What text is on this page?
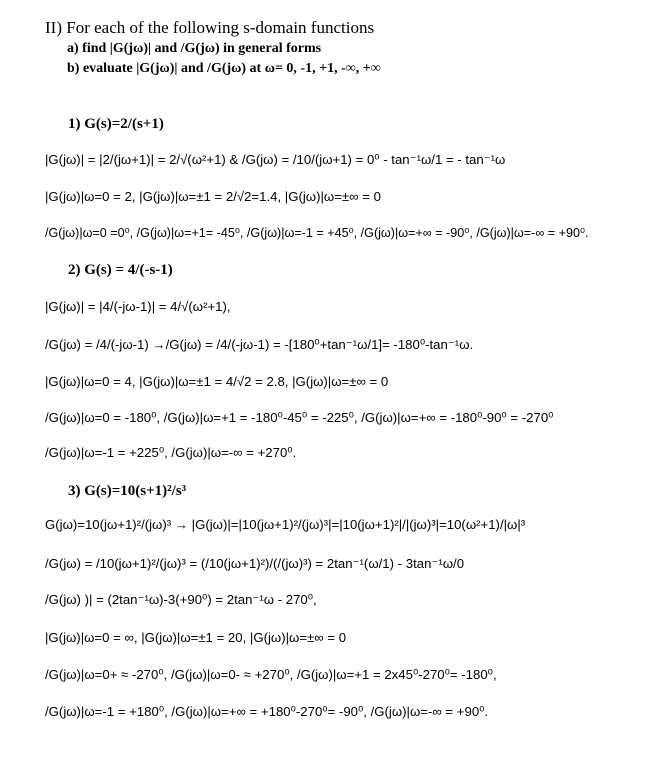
II) For each of the following s-domain functions
a) find |G(jω)| and /G(jω) in general forms
b) evaluate |G(jω)| and /G(jω) at ω= 0, -1, +1, -∞, +∞
1) G(s)=2/(s+1)
|G(jω)| = |2/(jω+1)| = 2/√(ω²+1) & /G(jω) = /10/(jω+1) = 0⁰ - tan⁻¹ω/1 = - tan⁻¹ω
|G(jω)|ω=0 = 2, |G(jω)|ω=±1 = 2/√2=1.4, |G(jω)|ω=±∞ = 0
/G(jω)|ω=0 =0⁰, /G(jω)|ω=+1= -45⁰, /G(jω)|ω=-1 = +45⁰, /G(jω)|ω=+∞ = -90⁰, /G(jω)|ω=-∞ = +90⁰.
2) G(s) = 4/(-s-1)
|G(jω)| = |4/(-jω-1)| = 4/√(ω²+1),
/G(jω) = /4/(-jω-1) →/G(jω) = /4/(-jω-1) = -[180⁰+tan⁻¹ω/1]= -180⁰-tan⁻¹ω.
|G(jω)|ω=0 = 4, |G(jω)|ω=±1 = 4/√2 = 2.8, |G(jω)|ω=±∞ = 0
/G(jω)|ω=0 = -180⁰, /G(jω)|ω=+1 = -180⁰-45⁰ = -225⁰, /G(jω)|ω=+∞ = -180⁰-90⁰ = -270⁰
/G(jω)|ω=-1 = +225⁰, /G(jω)|ω=-∞ = +270⁰.
3) G(s)=10(s+1)²/s³
G(jω)=10(jω+1)²/(jω)³ → |G(jω)|=|10(jω+1)²/(jω)³|=|10(jω+1)²|/|(jω)³|=10(ω²+1)/|ω|³
/G(jω) = /10(jω+1)²/(jω)³ = (/10(jω+1)²)/(/(jω)³) = 2tan⁻¹(ω/1) - 3tan⁻¹ω/0
/G(jω) )| = (2tan⁻¹ω)-3(+90⁰) = 2tan⁻¹ω - 270⁰,
|G(jω)|ω=0 = ∞, |G(jω)|ω=±1 = 20, |G(jω)|ω=±∞ = 0
/G(jω)|ω=0+ ≈ -270⁰, /G(jω)|ω=0- ≈ +270⁰, /G(jω)|ω=+1 = 2x45⁰-270⁰= -180⁰,
/G(jω)|ω=-1 = +180⁰, /G(jω)|ω=+∞ = +180⁰-270⁰= -90⁰, /G(jω)|ω=-∞ = +90⁰.
